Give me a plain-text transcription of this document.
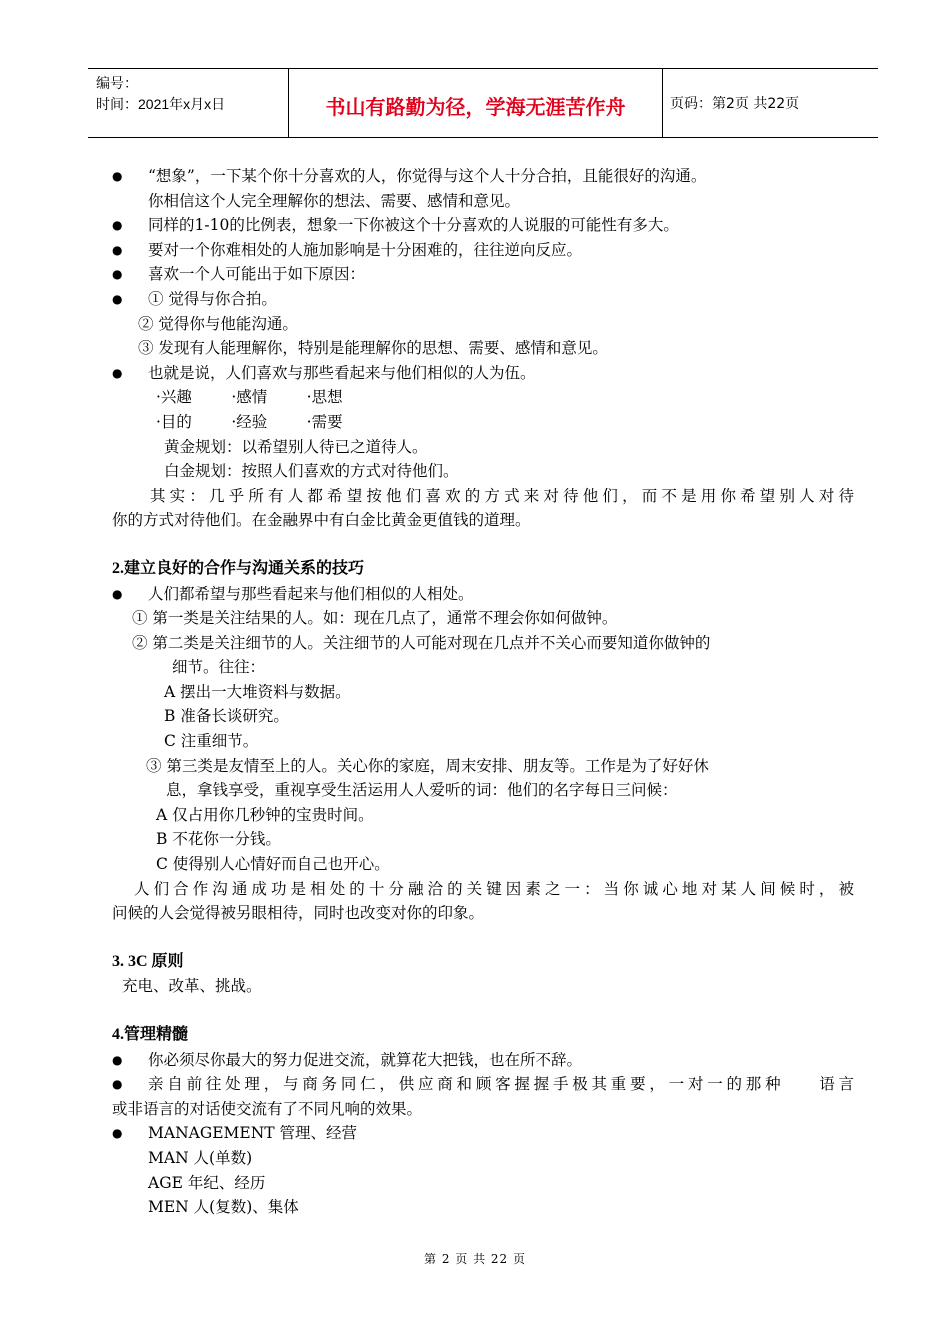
编号：
时间：2021年x月x日	书山有路勤为径，学海无涯苦作舟	页码：第2页 共22页
● “想象”，一下某个你十分喜欢的人，你觉得与这个人十分合拍，且能很好的沟通。
你相信这个人完全理解你的想法、需要、感情和意见。
● 同样的1-10的比例表，想象一下你被这个十分喜欢的人说服的可能性有多大。
● 要对一个你难相处的人施加影响是十分困难的，往往逆向反应。
● 喜欢一个人可能出于如下原因：
● ① 觉得与你合拍。
② 觉得你与他能沟通。
③ 发现有人能理解你，特别是能理解你的思想、需要、感情和意见。
● 也就是说，人们喜欢与那些看起来与他们相似的人为伍。
·兴趣        ·感情        ·思想
·目的        ·经验        ·需要
黄金规划：以希望别人待已之道待人。
白金规划：按照人们喜欢的方式对待他们。
其实：几乎所有人都希望按他们喜欢的方式来对待他们，而不是用你希望别人对待
你的方式对待他们。在金融界中有白金比黄金更值钱的道理。
2.建立良好的合作与沟通关系的技巧
● 人们都希望与那些看起来与他们相似的人相处。
① 第一类是关注结果的人。如：现在几点了，通常不理会你如何做钟。
② 第二类是关注细节的人。关注细节的人可能对现在几点并不关心而要知道你做钟的
细节。往往：
A 摆出一大堆资料与数据。
B 准备长谈研究。
C 注重细节。
③ 第三类是友情至上的人。关心你的家庭，周末安排、朋友等。工作是为了好好休
息，拿钱享受，重视享受生活运用人人爱听的词：他们的名字每日三问候：
A 仅占用你几秒钟的宝贵时间。
B 不花你一分钱。
C 使得别人心情好而自己也开心。
人们合作沟通成功是相处的十分融洽的关键因素之一：当你诚心地对某人间候时，被
问候的人会觉得被另眼相待，同时也改变对你的印象。
3. 3C 原则
充电、改革、挑战。
4.管理精髓
● 你必须尽你最大的努力促进交流，就算花大把钱，也在所不辞。
● 亲自前往处理，与商务同仁，供应商和顾客握握手极其重要，一对一的那种    语言
或非语言的对话使交流有了不同凡响的效果。
● MANAGEMENT 管理、经营
MAN 人(单数)
AGE 年纪、经历
MEN 人(复数)、集体
第 2 页 共 22 页
